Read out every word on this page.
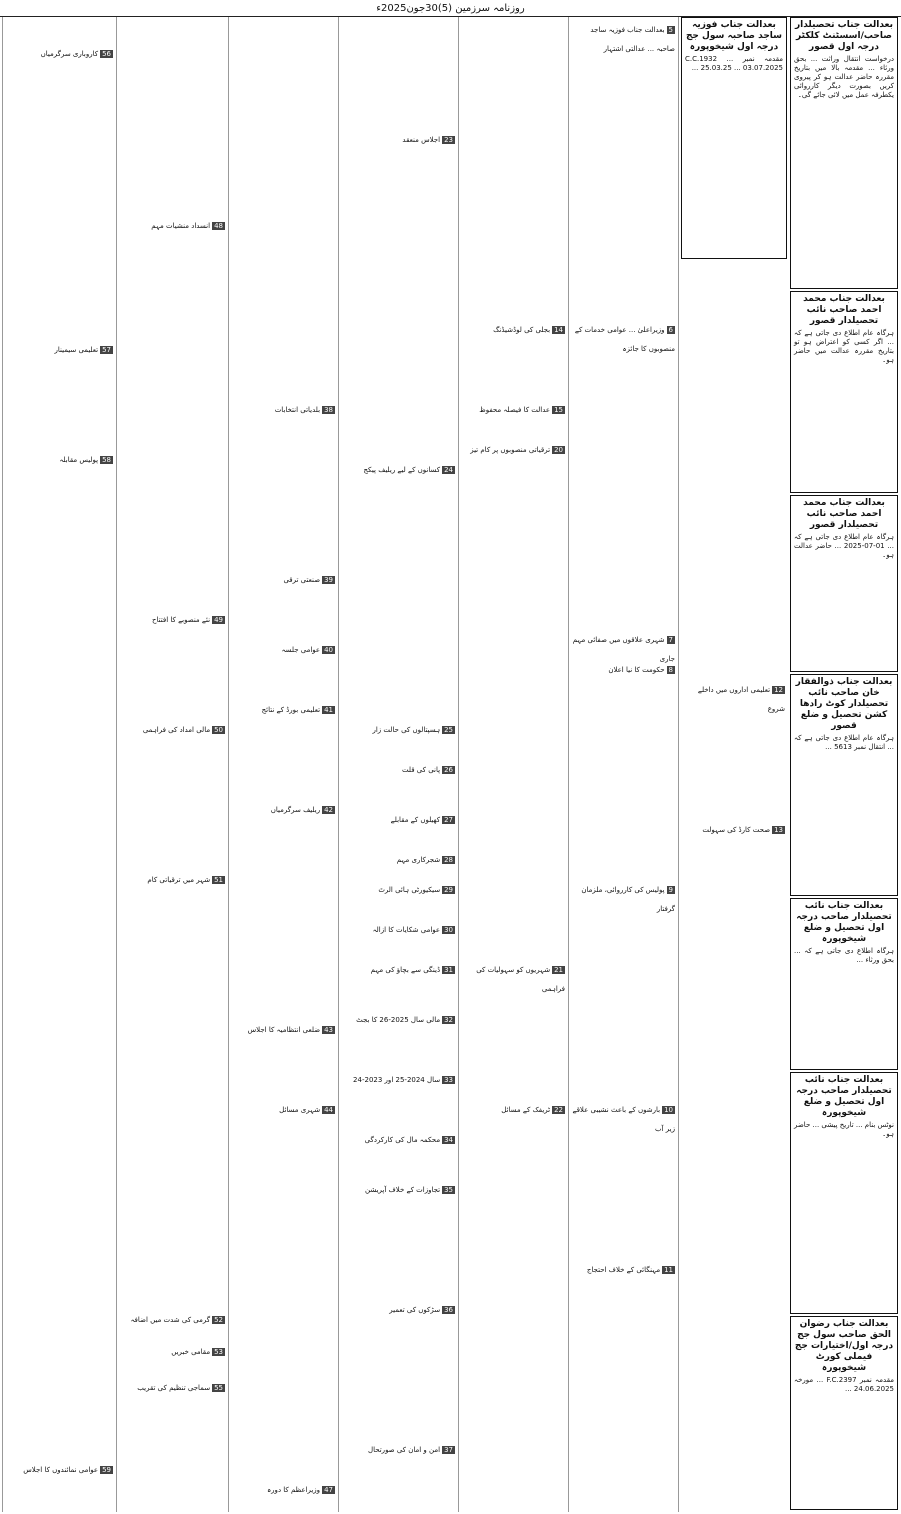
روزنامہ سرزمین (5)30جون2025ء
بعدالت جناب تحصیلدار صاحب/اسسٹنٹ کلکٹر درجہ اول قصور
درخواست انتقال وراثت ... بحق ورثاء ... مقدمہ بالا میں بتاریخ مقررہ حاضر عدالت ہو کر پیروی کریں بصورت دیگر کارروائی یکطرفہ عمل میں لائی جائے گی۔
بعدالت جناب محمد احمد صاحب نائب تحصیلدار قصور
ہرگاہ عام اطلاع دی جاتی ہے کہ ... اگر کسی کو اعتراض ہو تو بتاریخ مقررہ عدالت میں حاضر ہو۔
بعدالت جناب محمد احمد صاحب نائب تحصیلدار قصور
ہرگاہ عام اطلاع دی جاتی ہے کہ ... 01-07-2025 ... حاضر عدالت ہو۔
بعدالت جناب ذوالفقار خان صاحب نائب تحصیلدار کوٹ رادھا کشن تحصیل و ضلع قصور
ہرگاہ عام اطلاع دی جاتی ہے کہ ... انتقال نمبر 5613 ...
بعدالت جناب نائب تحصیلدار صاحب درجہ اول تحصیل و ضلع شیخوپورہ
ہرگاہ اطلاع دی جاتی ہے کہ ... بحق ورثاء ...
بعدالت جناب نائب تحصیلدار صاحب درجہ اول تحصیل و ضلع شیخوپورہ
نوٹس بنام ... تاریخ پیشی ... حاضر ہو۔
بعدالت جناب رضوان الحق صاحب سول جج درجہ اول/اختیارات جج فیملی کورٹ شیخوپورہ
مقدمہ نمبر F.C.2397 ... مورخہ 24.06.2025 ...
بعدالت جناب فوزیہ ساجد صاحبہ سول جج درجہ اول شیخوپورہ
مقدمہ نمبر C.C.1932 ... 25.03.25 ... 03.07.2025 ...
12تعلیمی اداروں میں داخلے شروع
13صحت کارڈ کی سہولت
5بعدالت جناب فوزیہ ساجد صاحبہ ... عدالتی اشتہار
6وزیراعلیٰ ... عوامی خدمات کے منصوبوں کا جائزہ
7شہری علاقوں میں صفائی مہم جاری
8حکومت کا نیا اعلان
9پولیس کی کارروائی، ملزمان گرفتار
10بارشوں کے باعث نشیبی علاقے زیر آب
11مہنگائی کے خلاف احتجاج
14بجلی کی لوڈشیڈنگ
15عدالت کا فیصلہ محفوظ
20ترقیاتی منصوبوں پر کام تیز
21شہریوں کو سہولیات کی فراہمی
22ٹریفک کے مسائل
23اجلاس منعقد
24کسانوں کے لیے ریلیف پیکج
25ہسپتالوں کی حالت زار
26پانی کی قلت
27کھیلوں کے مقابلے
28شجرکاری مہم
29سیکیورٹی ہائی الرٹ
30عوامی شکایات کا ازالہ
31ڈینگی سے بچاؤ کی مہم
32مالی سال 2025-26 کا بجٹ
33سال 2024-25 اور 2023-24
34محکمہ مال کی کارکردگی
35تجاوزات کے خلاف آپریشن
36سڑکوں کی تعمیر
37امن و امان کی صورتحال
38بلدیاتی انتخابات
39صنعتی ترقی
40عوامی جلسہ
41تعلیمی بورڈ کے نتائج
42ریلیف سرگرمیاں
43ضلعی انتظامیہ کا اجلاس
44شہری مسائل
47وزیراعظم کا دورہ
48انسداد منشیات مہم
49نئے منصوبے کا افتتاح
50مالی امداد کی فراہمی
51شہر میں ترقیاتی کام
52گرمی کی شدت میں اضافہ
53مقامی خبریں
55سماجی تنظیم کی تقریب
56کاروباری سرگرمیاں
57تعلیمی سیمینار
58پولیس مقابلہ
59عوامی نمائندوں کا اجلاس
